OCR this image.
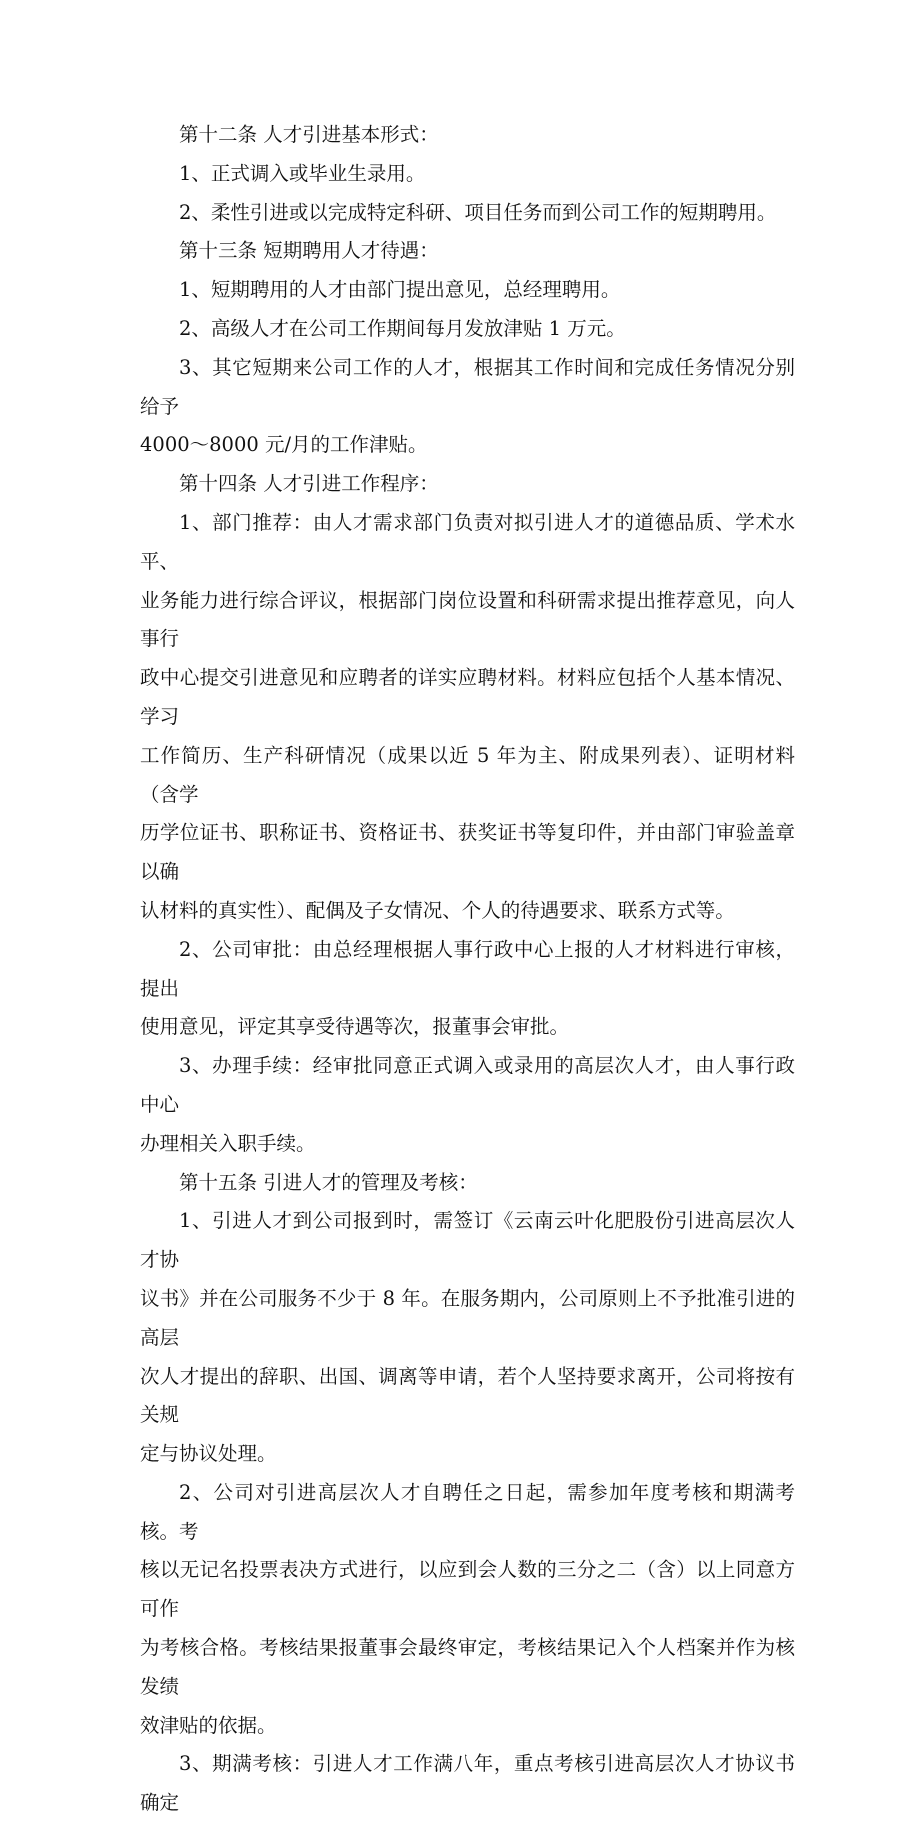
第十二条 人才引进基本形式：
1、正式调入或毕业生录用。
2、柔性引进或以完成特定科研、项目任务而到公司工作的短期聘用。
第十三条 短期聘用人才待遇：
1、短期聘用的人才由部门提出意见，总经理聘用。
2、高级人才在公司工作期间每月发放津贴 1 万元。
3、其它短期来公司工作的人才，根据其工作时间和完成任务情况分别给予
4000～8000 元/月的工作津贴。
第十四条 人才引进工作程序：
1、部门推荐：由人才需求部门负责对拟引进人才的道德品质、学术水平、
业务能力进行综合评议，根据部门岗位设置和科研需求提出推荐意见，向人事行
政中心提交引进意见和应聘者的详实应聘材料。材料应包括个人基本情况、学习
工作简历、生产科研情况（成果以近 5 年为主、附成果列表）、证明材料（含学
历学位证书、职称证书、资格证书、获奖证书等复印件，并由部门审验盖章以确
认材料的真实性）、配偶及子女情况、个人的待遇要求、联系方式等。
2、公司审批：由总经理根据人事行政中心上报的人才材料进行审核，提出
使用意见，评定其享受待遇等次，报董事会审批。
3、办理手续：经审批同意正式调入或录用的高层次人才，由人事行政中心
办理相关入职手续。
第十五条 引进人才的管理及考核：
1、引进人才到公司报到时，需签订《云南云叶化肥股份引进高层次人才协
议书》并在公司服务不少于 8 年。在服务期内，公司原则上不予批准引进的高层
次人才提出的辞职、出国、调离等申请，若个人坚持要求离开，公司将按有关规
定与协议处理。
2、公司对引进高层次人才自聘任之日起，需参加年度考核和期满考核。考
核以无记名投票表决方式进行，以应到会人数的三分之二（含）以上同意方可作
为考核合格。考核结果报董事会最终审定，考核结果记入个人档案并作为核发绩
效津贴的依据。
3、期满考核：引进人才工作满八年，重点考核引进高层次人才协议书确定
